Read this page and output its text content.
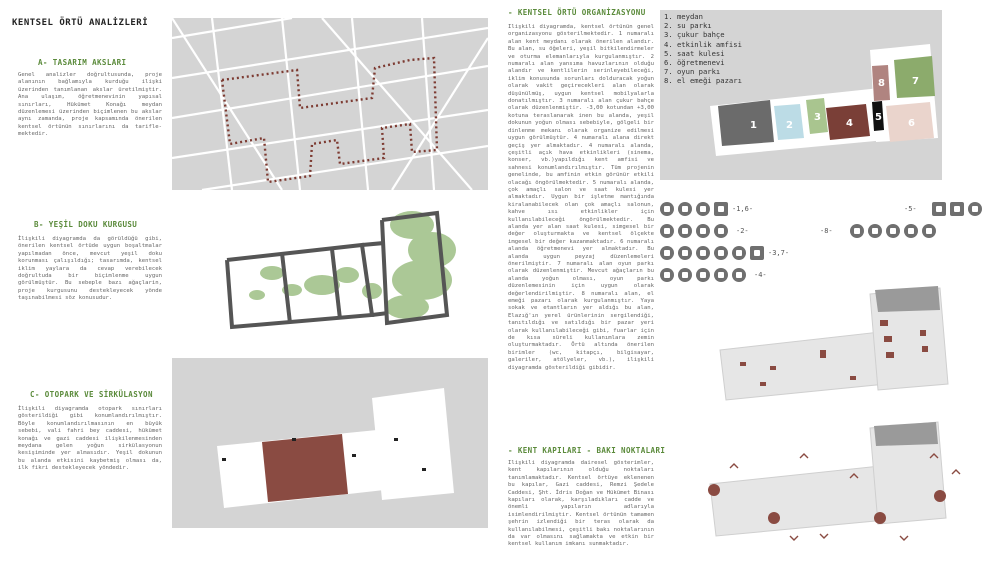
KENTSEL ÖRTÜ ANALİZLERİ
A- TASARIM AKSLARI
Genel analizler doğrultusunda, proje alanının bağlamıyla kurduğu ilişki üzerinden tanımlanan akslar üretilmiştir. Ana ulaşım, öğretmenevinin yapısal sınırları, Hükümet Konağı meydan düzenlemesi üzerinden biçimlenen bu akslar aynı zamanda, proje kapsamında önerilen kentsel örtünün sınırlarını da tarifle-mektedir.
B- YEŞİL DOKU KURGUSU
İlişkili diyagramda da görüldüğü gibi, önerilen kentsel örtüde uygun boşaltmalar yapılmadan önce, mevcut yeşil doku korunması çalışıldığı; tasarımda, kentsel iklim yaylara da cevap verebilecek doğrultuda bir biçimlenme uygun görülmüştür. Bu sebeple bazı ağaçlarin, proje kurgusunu destekleyecek yönde taşınabilmesi söz konusudur.
C- OTOPARK VE SİRKÜLASYON
İlişkili diyagramda otopark sınırları gösterildiği gibi konumlandırılmıştır. Böyle konumlandırılmasının en büyük sebebi, vali fahri bey caddesi, hükümet konağı ve gazi caddesi ilişkilenmesinden meydana gelen yoğun sirkülasyonun kesişiminde yer almasıdır. Yeşil dokunun bu alanda etkisini kaybetmiş olması da, ilk fikri destekleyecek yöndedir.
- KENTSEL ÖRTÜ ORGANİZASYONU
İlişkili diyagramda, kentsel örtünün genel organizasyonu gösterilmektedir. 1 numaralı alan kent meydanı olarak önerilen alandır. Bu alan, su öğeleri, yeşil bitkilendirmeler ve oturma elemanlarıyla kurgulanmıştır. 2 numaralı alan yansıma havuzlarının olduğu alandır ve kentlilerin serinleyebileceği, iklim konusunda sorunları dolduracak yoğun olarak vakit geçirecekleri alan olarak düşünülmüş, uygun kentsel mobilyalarla donatılmıştır. 3 numaralı alan çukur bahçe olarak düzenlenmiştir. -3,00 kotundan +3,00 kotuna teraslanarak inen bu alanda, yeşil dokunun yoğun olması sebebiyle, gölgeli bir dinlenme mekanı olarak organize edilmesi uygun görülmüştür. 4 numaralı alana direkt geçiş yer almaktadır. 4 numaralı alanda, çeşitli açık hava etkinlikleri (sinema, konser, vb.)yapıldığı kent amfisi ve sahnesi konumlandırılmıştır. Tüm projenin genelinde, bu amfinin etkin görünür etkili olacağı öngörülmektedir. 5 numaralı alanda, çok amaçlı salon ve saat kulesi yer almaktadır. Uygun bir işletme mantığında kiralanabilecek olan çok amaçlı salonun, kahve ısı etkinlikler için kullanılabileceği öngörülmektedir. Bu alanda yer alan saat kulesi, simgesel bir değer oluşturmakta ve kentsel ölçekte imgesel bir değer kazanmaktadır. 6 numaralı alanda öğretmenevi yer almaktadır. Bu alanda uygun peyzaj düzenlemeleri önerilmiştir. 7 numaralı alan oyun parkı olarak düzenlenmiştir. Mevcut ağaçların bu alanda yoğun olması, oyun parkı düzenlemesinin için uygun olarak değerlendirilmiştir. 8 numaralı alan, el emeği pazarı olarak kurgulanmıştır. Yaya sokak ve etantların yer aldığı bu alan, Elazığ'ın yerel ürünlerinin sergilendiği, tanıtıldığı ve satıldığı bir pazar yeri olarak kullanılabileceği gibi, fuarlar için de kısa süreli kullanımlara zemin oluşturmaktadır. Örtü altında önerilen birimler (wc, kitapçı, bilgisayar, galeriler, atölyeler, vb.), ilişkili diyagramda gösterildiği gibidir.
1. meydan
2. su parkı
3. çukur bahçe
4. etkinlik amfisi
5. saat kulesi
6. öğretmenevi
7. oyun parkı
8. el emeği pazarı
1	2
3
4
5
6
7
8
-1,6-	-5-
-2-	-8-
-3,7-
-4-
- KENT KAPILARI - BAKI NOKTALARI
İlişkili diyagramda dairesel gösterimler, kent kapılarının olduğu noktaları tanımlamaktadır. Kentsel örtüye eklenenen bu kapılar, Gazi caddesi, Remzi Şedele Caddesi, Şht. İdris Doğan ve Hükümet Binası kapıları olarak, karşıladıkları cadde ve önemli yapıların adlarıyla isimlendirilmiştir. Kentsel örtünün tamamen şehrin izlendiği bir teras olarak da kullanılabilmesi, çeşitli bakı noktalarının da var olmasını sağlamakta ve etkin bir kentsel kullanım imkanı sunmaktadır.
